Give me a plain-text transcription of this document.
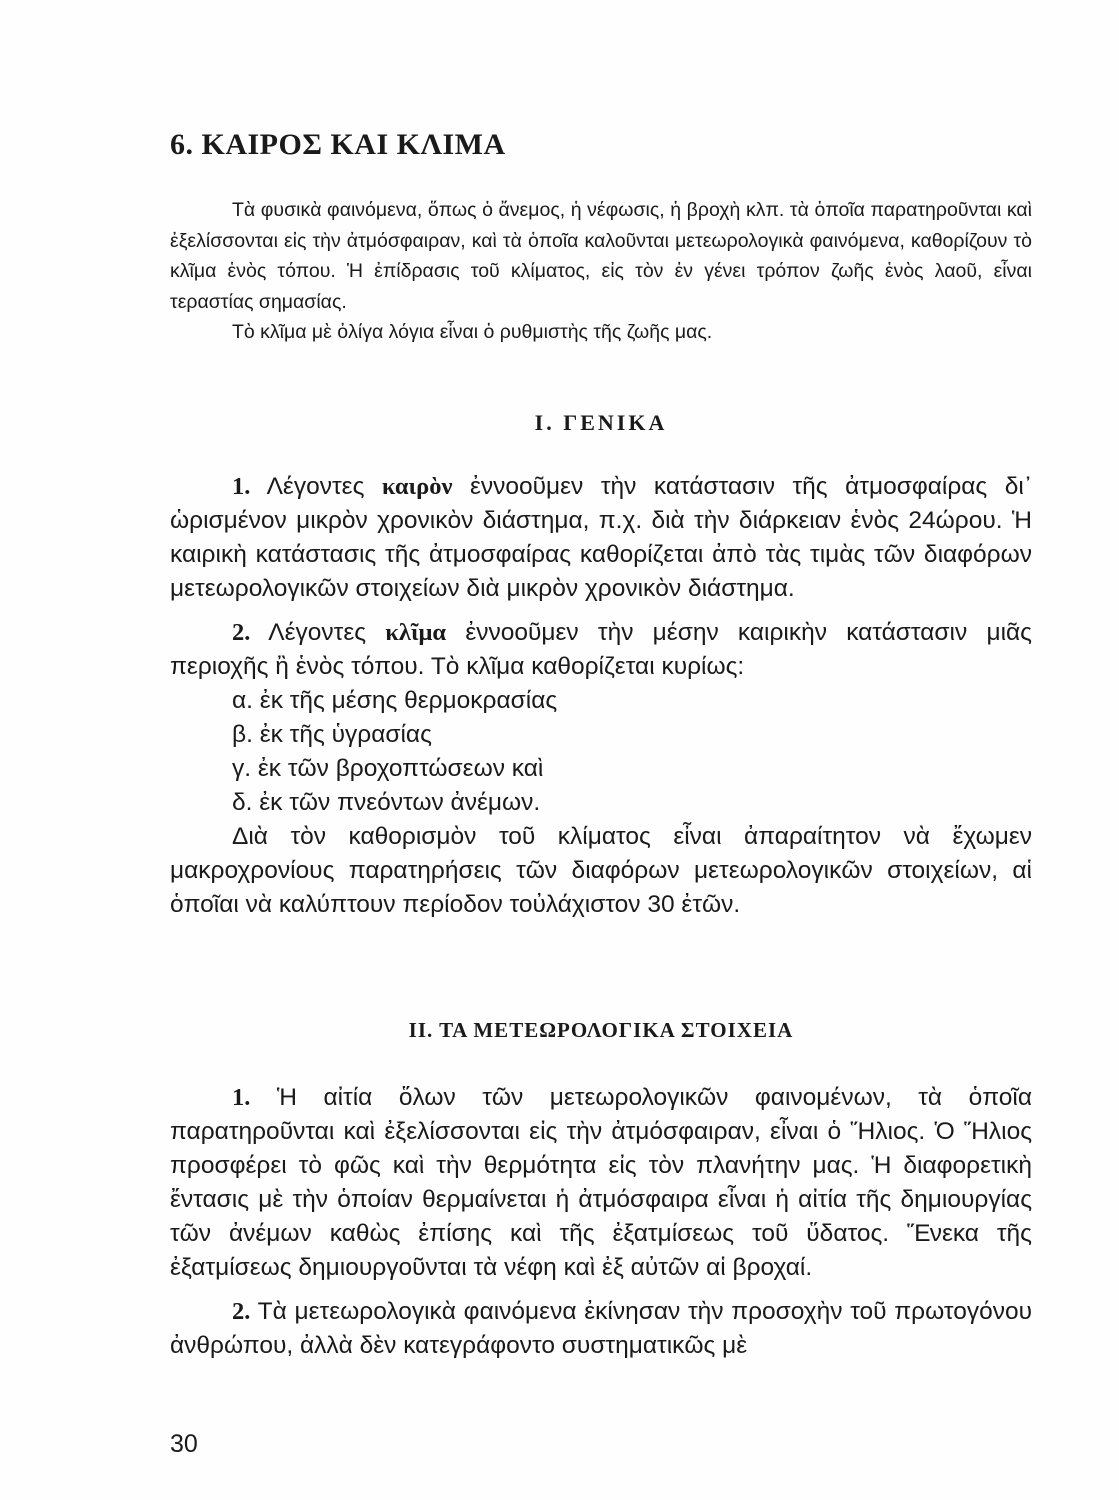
6. ΚΑΙΡΟΣ ΚΑΙ ΚΛΙΜΑ

Τὰ φυσικὰ φαινόμενα, ὅπως ὁ ἄνεμος, ἡ νέφωσις, ἡ βροχὴ κλπ. τὰ ὁποῖα παρατηροῦνται καὶ ἐξελίσσονται εἰς τὴν ἀτμόσφαιραν, καὶ τὰ ὁποῖα καλοῦνται μετεωρολογικὰ φαινόμενα, καθορίζουν τὸ κλῖμα ἑνὸς τόπου. Ἡ ἐπίδρασις τοῦ κλίματος, εἰς τὸν ἐν γένει τρόπον ζωῆς ἑνὸς λαοῦ, εἶναι τεραστίας σημασίας.

Τὸ κλῖμα μὲ ὀλίγα λόγια εἶναι ὁ ρυθμιστὴς τῆς ζωῆς μας.

Ι. ΓΕΝΙΚΑ

1. Λέγοντες καιρὸν ἐννοοῦμεν τὴν κατάστασιν τῆς ἀτμοσφαίρας δι᾽ ὡρισμένον μικρὸν χρονικὸν διάστημα, π.χ. διὰ τὴν διάρκειαν ἑνὸς 24ώρου. Ἡ καιρικὴ κατάστασις τῆς ἀτμοσφαίρας καθορίζεται ἀπὸ τὰς τιμὰς τῶν διαφόρων μετεωρολογικῶν στοιχείων διὰ μικρὸν χρονικὸν διάστημα.

2. Λέγοντες κλῖμα ἐννοοῦμεν τὴν μέσην καιρικὴν κατάστασιν μιᾶς περιοχῆς ἢ ἑνὸς τόπου. Τὸ κλῖμα καθορίζεται κυρίως:

α. ἐκ τῆς μέσης θερμοκρασίας

β. ἐκ τῆς ὑγρασίας

γ. ἐκ τῶν βροχοπτώσεων καὶ

δ. ἐκ τῶν πνεόντων ἀνέμων.

Διὰ τὸν καθορισμὸν τοῦ κλίματος εἶναι ἀπαραίτητον νὰ ἔχωμεν μακροχρονίους παρατηρήσεις τῶν διαφόρων μετεωρολογικῶν στοιχείων, αἱ ὁποῖαι νὰ καλύπτουν περίοδον τοὐλάχιστον 30 ἐτῶν.

ΙΙ. ΤΑ ΜΕΤΕΩΡΟΛΟΓΙΚΑ ΣΤΟΙΧΕΙΑ

1. Ἡ αἰτία ὅλων τῶν μετεωρολογικῶν φαινομένων, τὰ ὁποῖα παρατηροῦνται καὶ ἐξελίσσονται εἰς τὴν ἀτμόσφαιραν, εἶναι ὁ Ἥλιος. Ὁ Ἥλιος προσφέρει τὸ φῶς καὶ τὴν θερμότητα εἰς τὸν πλανήτην μας. Ἡ διαφορετικὴ ἔντασις μὲ τὴν ὁποίαν θερμαίνεται ἡ ἀτμόσφαιρα εἶναι ἡ αἰτία τῆς δημιουργίας τῶν ἀνέμων καθὼς ἐπίσης καὶ τῆς ἐξατμίσεως τοῦ ὕδατος. Ἕνεκα τῆς ἐξατμίσεως δημιουργοῦνται τὰ νέφη καὶ ἐξ αὐτῶν αἱ βροχαί.

2. Τὰ μετεωρολογικὰ φαινόμενα ἐκίνησαν τὴν προσοχὴν τοῦ πρωτογόνου ἀνθρώπου, ἀλλὰ δὲν κατεγράφοντο συστηματικῶς μὲ

30
